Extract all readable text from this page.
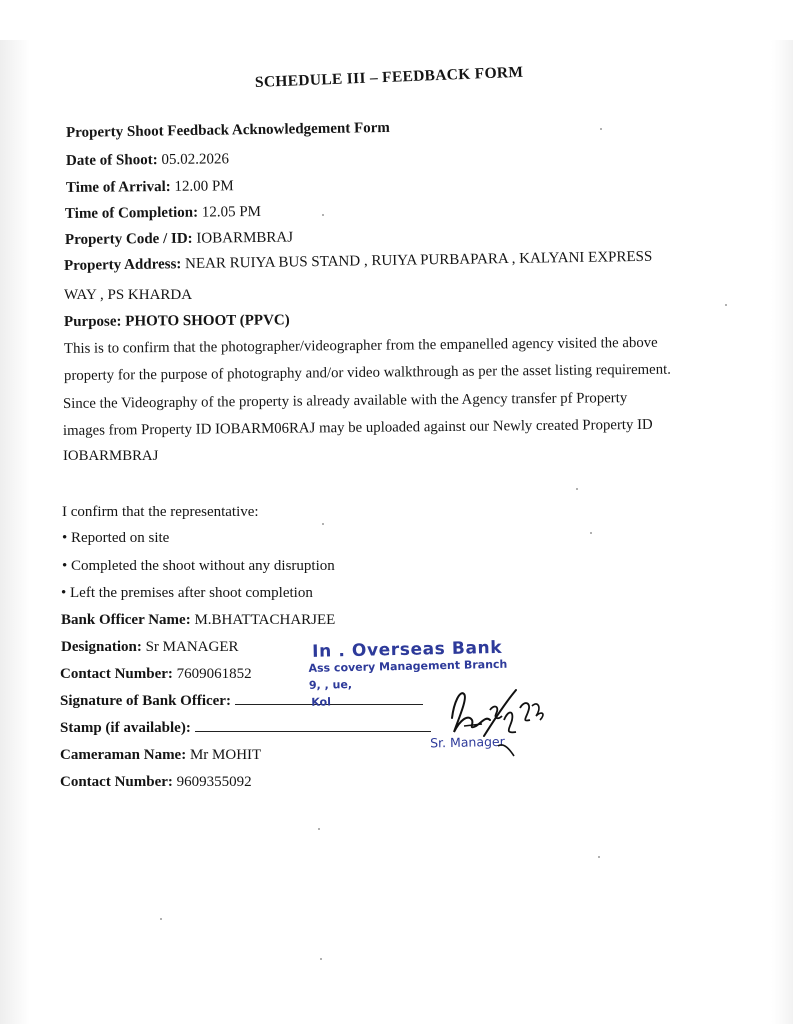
SCHEDULE III – FEEDBACK FORM
Property Shoot Feedback Acknowledgement Form
Date of Shoot: 05.02.2026
Time of Arrival: 12.00 PM
Time of Completion: 12.05 PM
Property Code / ID: IOBARMBRAJ
Property Address: NEAR RUIYA BUS STAND , RUIYA PURBAPARA , KALYANI EXPRESS
WAY , PS KHARDA
Purpose: PHOTO SHOOT (PPVC)
This is to confirm that the photographer/videographer from the empanelled agency visited the above
property for the purpose of photography and/or video walkthrough as per the asset listing requirement.
Since the Videography of the property is already available with the Agency transfer pf Property
images from Property ID IOBARM06RAJ may be uploaded against our Newly created Property ID
IOBARMBRAJ
I confirm that the representative:
• Reported on site
• Completed the shoot without any disruption
• Left the premises after shoot completion
Bank Officer Name: M.BHATTACHARJEE
Designation: Sr MANAGER
Contact Number: 7609061852
Signature of Bank Officer:
Stamp (if available):
Cameraman Name: Mr MOHIT
Contact Number: 9609355092
In . Overseas Bank
Ass covery Management Branch
9, , ue,
Kol
Sr. Manager
